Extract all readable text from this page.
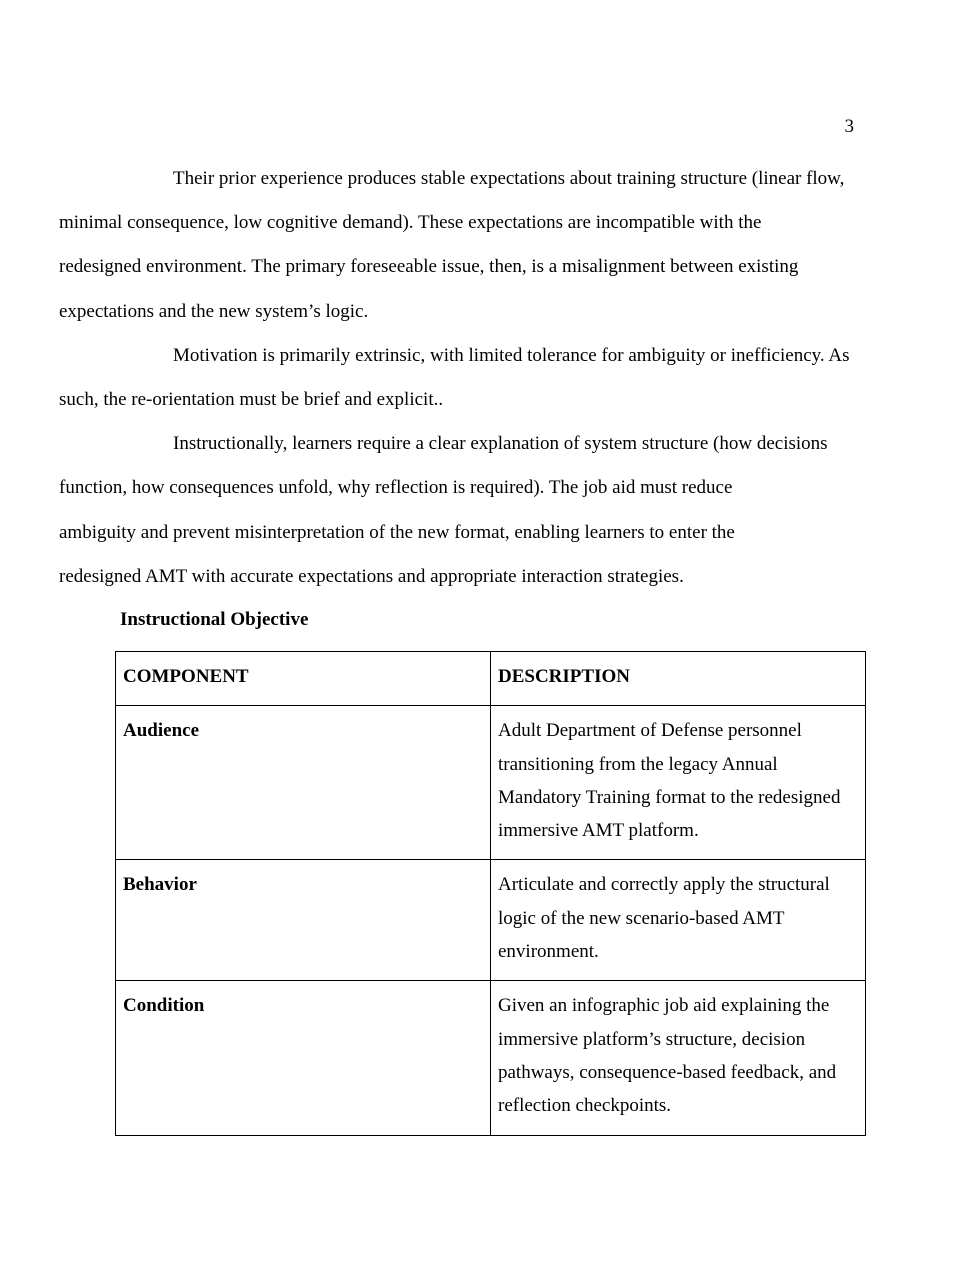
3

Their prior experience produces stable expectations about training structure (linear flow,
minimal consequence, low cognitive demand). These expectations are incompatible with the
redesigned environment. The primary foreseeable issue, then, is a misalignment between existing
expectations and the new system’s logic.

Motivation is primarily extrinsic, with limited tolerance for ambiguity or inefficiency. As
such, the re-orientation must be brief and explicit..

Instructionally, learners require a clear explanation of system structure (how decisions
function, how consequences unfold, why reflection is required). The job aid must reduce
ambiguity and prevent misinterpretation of the new format, enabling learners to enter the
redesigned AMT with accurate expectations and appropriate interaction strategies.

Instructional Objective
COMPONENT	DESCRIPTION
Audience	Adult Department of Defense personnel
transitioning from the legacy Annual
Mandatory Training format to the redesigned
immersive AMT platform.

Behavior	Articulate and correctly apply the structural
logic of the new scenario-based AMT
environment.

Condition	Given an infographic job aid explaining the
immersive platform’s structure, decision
pathways, consequence-based feedback, and
reflection checkpoints.
